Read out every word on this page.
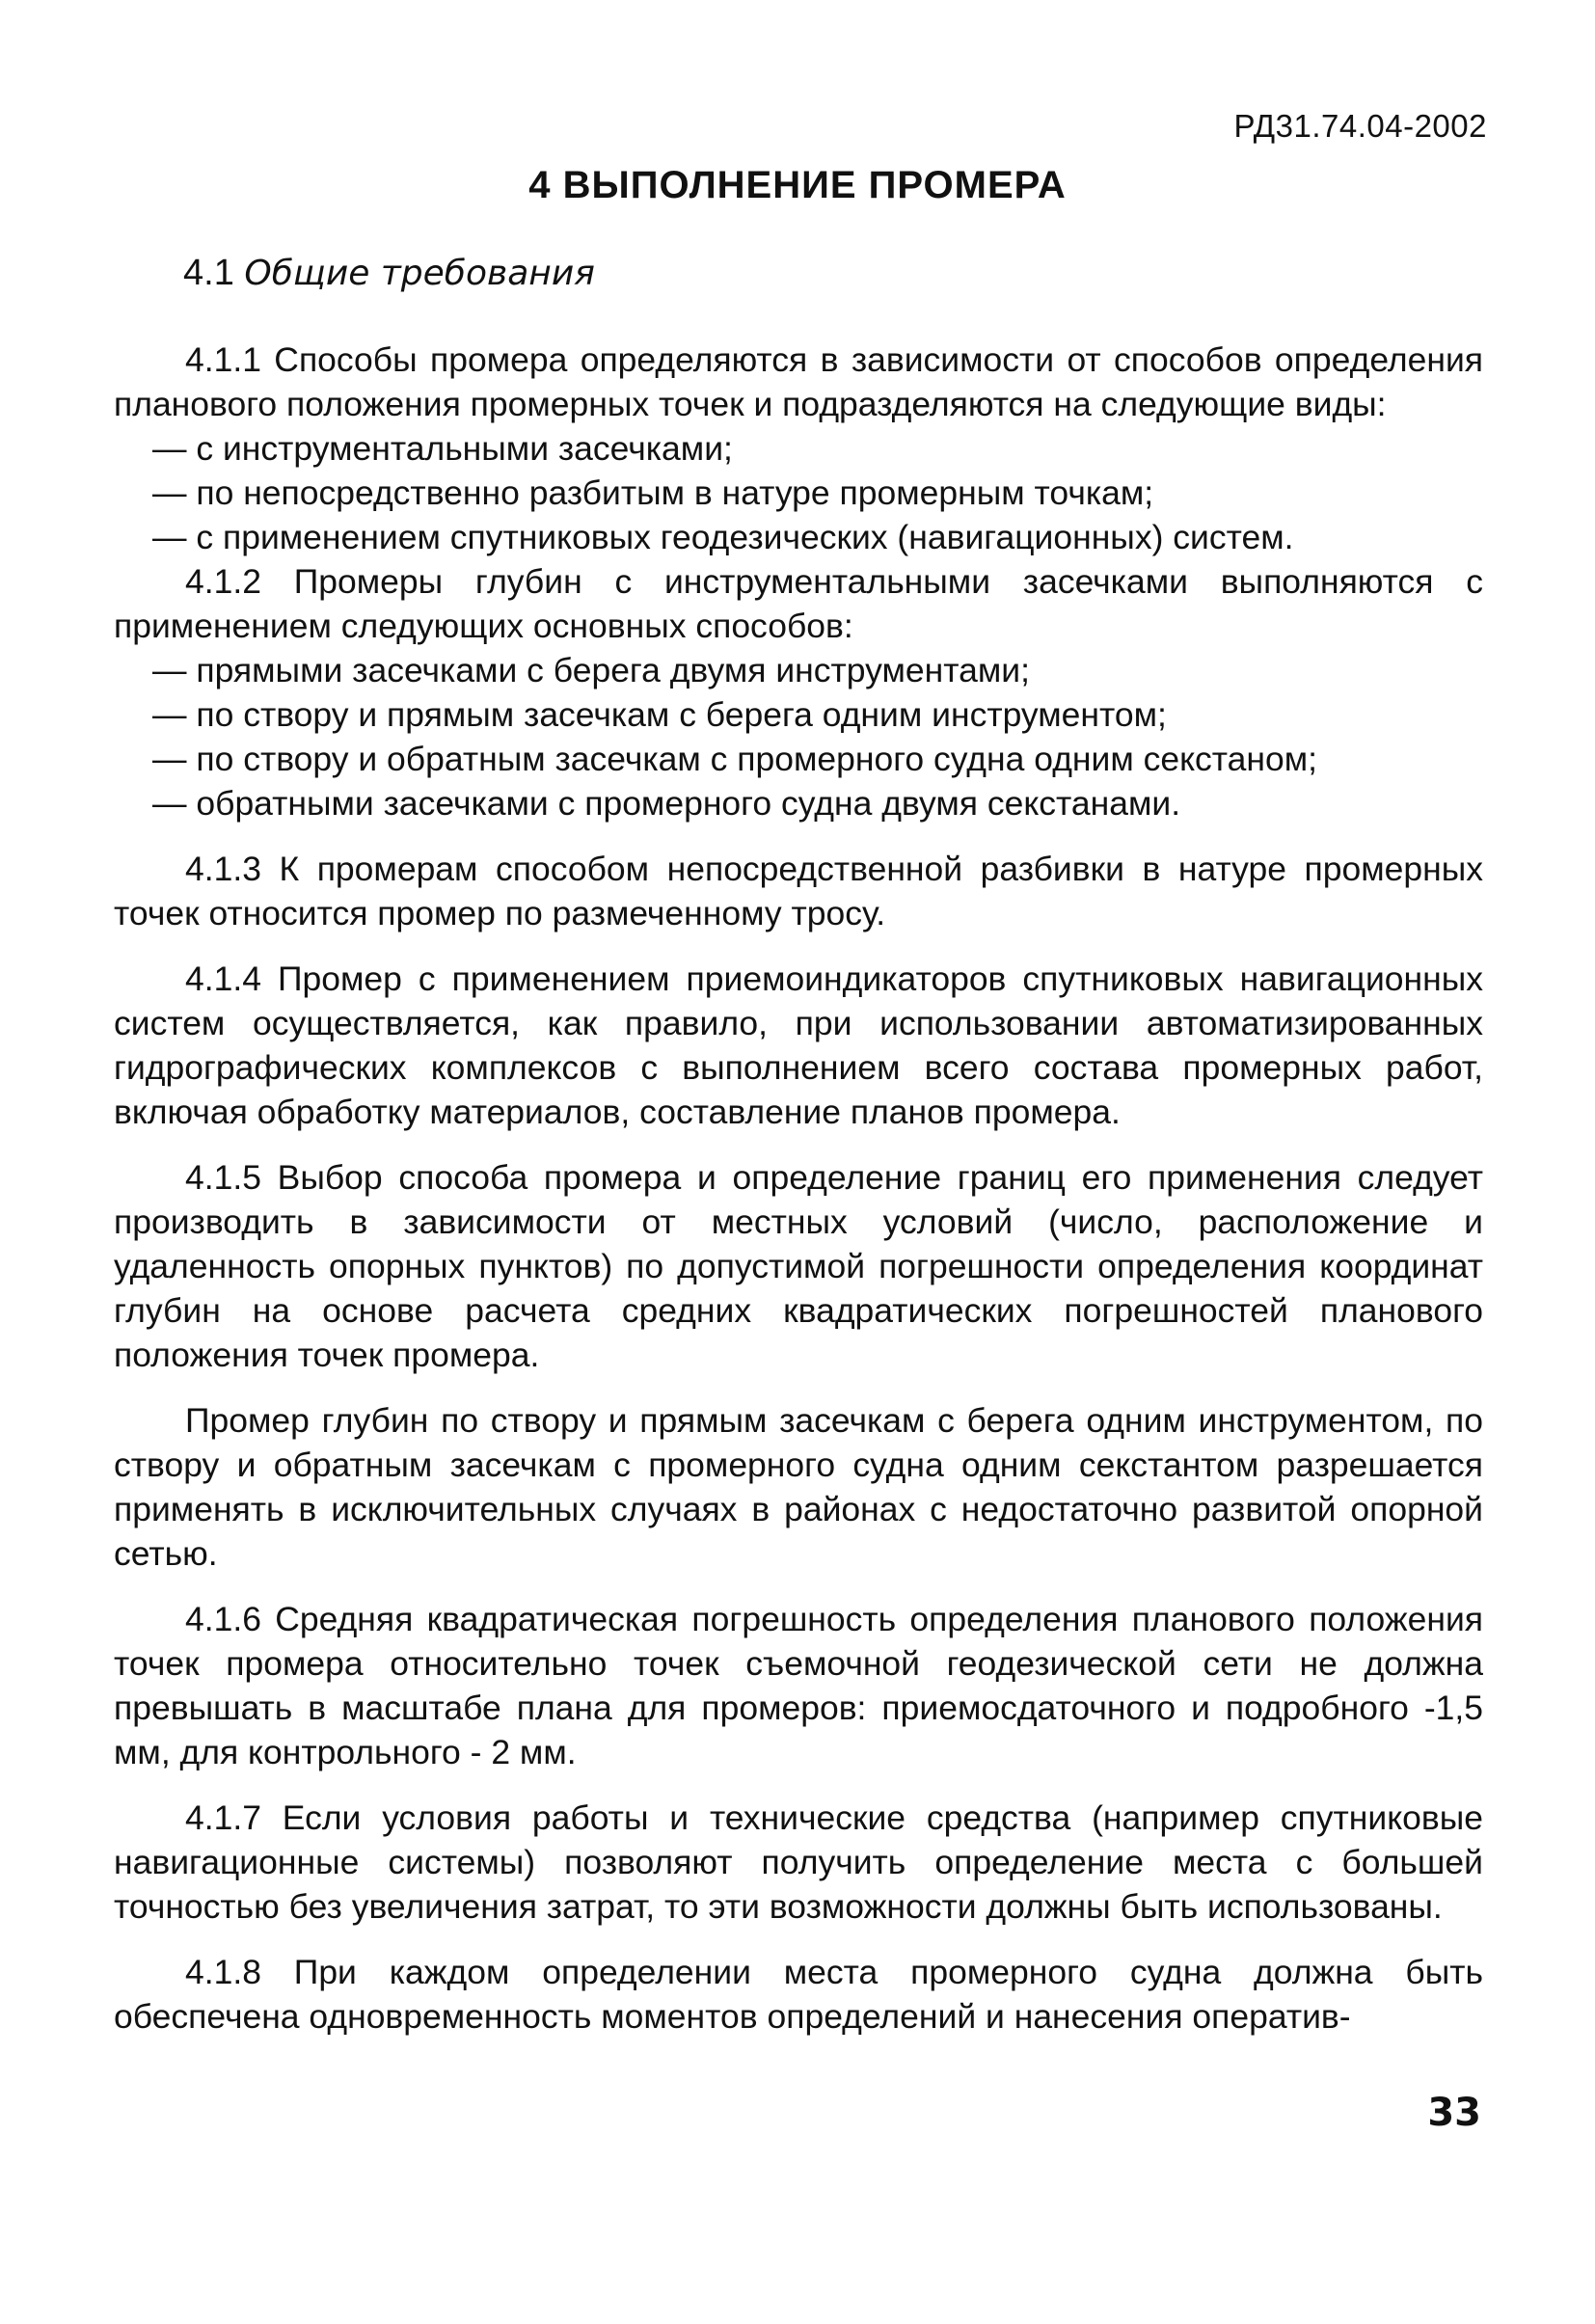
РД31.74.04-2002
4 ВЫПОЛНЕНИЕ ПРОМЕРА
4.1 Общие требования

4.1.1 Способы промера определяются в зависимости от способов определения планового положения промерных точек и подразделяются на следующие виды:

— с инструментальными засечками;

— по непосредственно разбитым в натуре промерным точкам;

— с применением спутниковых геодезических (навигационных) систем.

4.1.2 Промеры глубин с инструментальными засечками выполняются с применением следующих основных способов:

— прямыми засечками с берега двумя инструментами;

— по створу и прямым засечкам с берега одним инструментом;

— по створу и обратным засечкам с промерного судна одним секстаном;

— обратными засечками с промерного судна двумя секстанами.

4.1.3 К промерам способом непосредственной разбивки в натуре промерных точек относится промер по размеченному тросу.

4.1.4 Промер с применением приемоиндикаторов спутниковых навигационных систем осуществляется, как правило, при использовании автоматизированных гидрографических комплексов с выполнением всего состава промерных работ, включая обработку материалов, составление планов промера.

4.1.5 Выбор способа промера и определение границ его применения следует производить в зависимости от местных условий (число, расположение и удаленность опорных пунктов) по допустимой погрешности определения координат глубин на основе расчета средних квадратических погрешностей планового положения точек промера.

Промер глубин по створу и прямым засечкам с берега одним инструментом, по створу и обратным засечкам с промерного судна одним секстантом разрешается применять в исключительных случаях в районах с недостаточно развитой опорной сетью.

4.1.6 Средняя квадратическая погрешность определения планового положения точек промера относительно точек съемочной геодезической сети не должна превышать в масштабе плана для промеров: приемосдаточного и подробного -1,5 мм, для контрольного - 2 мм.

4.1.7 Если условия работы и технические средства (например спутниковые навигационные системы) позволяют получить определение места с большей точностью без увеличения затрат, то эти возможности должны быть использованы.

4.1.8 При каждом определении места промерного судна должна быть обеспечена одновременность моментов определений и нанесения оператив-

33
